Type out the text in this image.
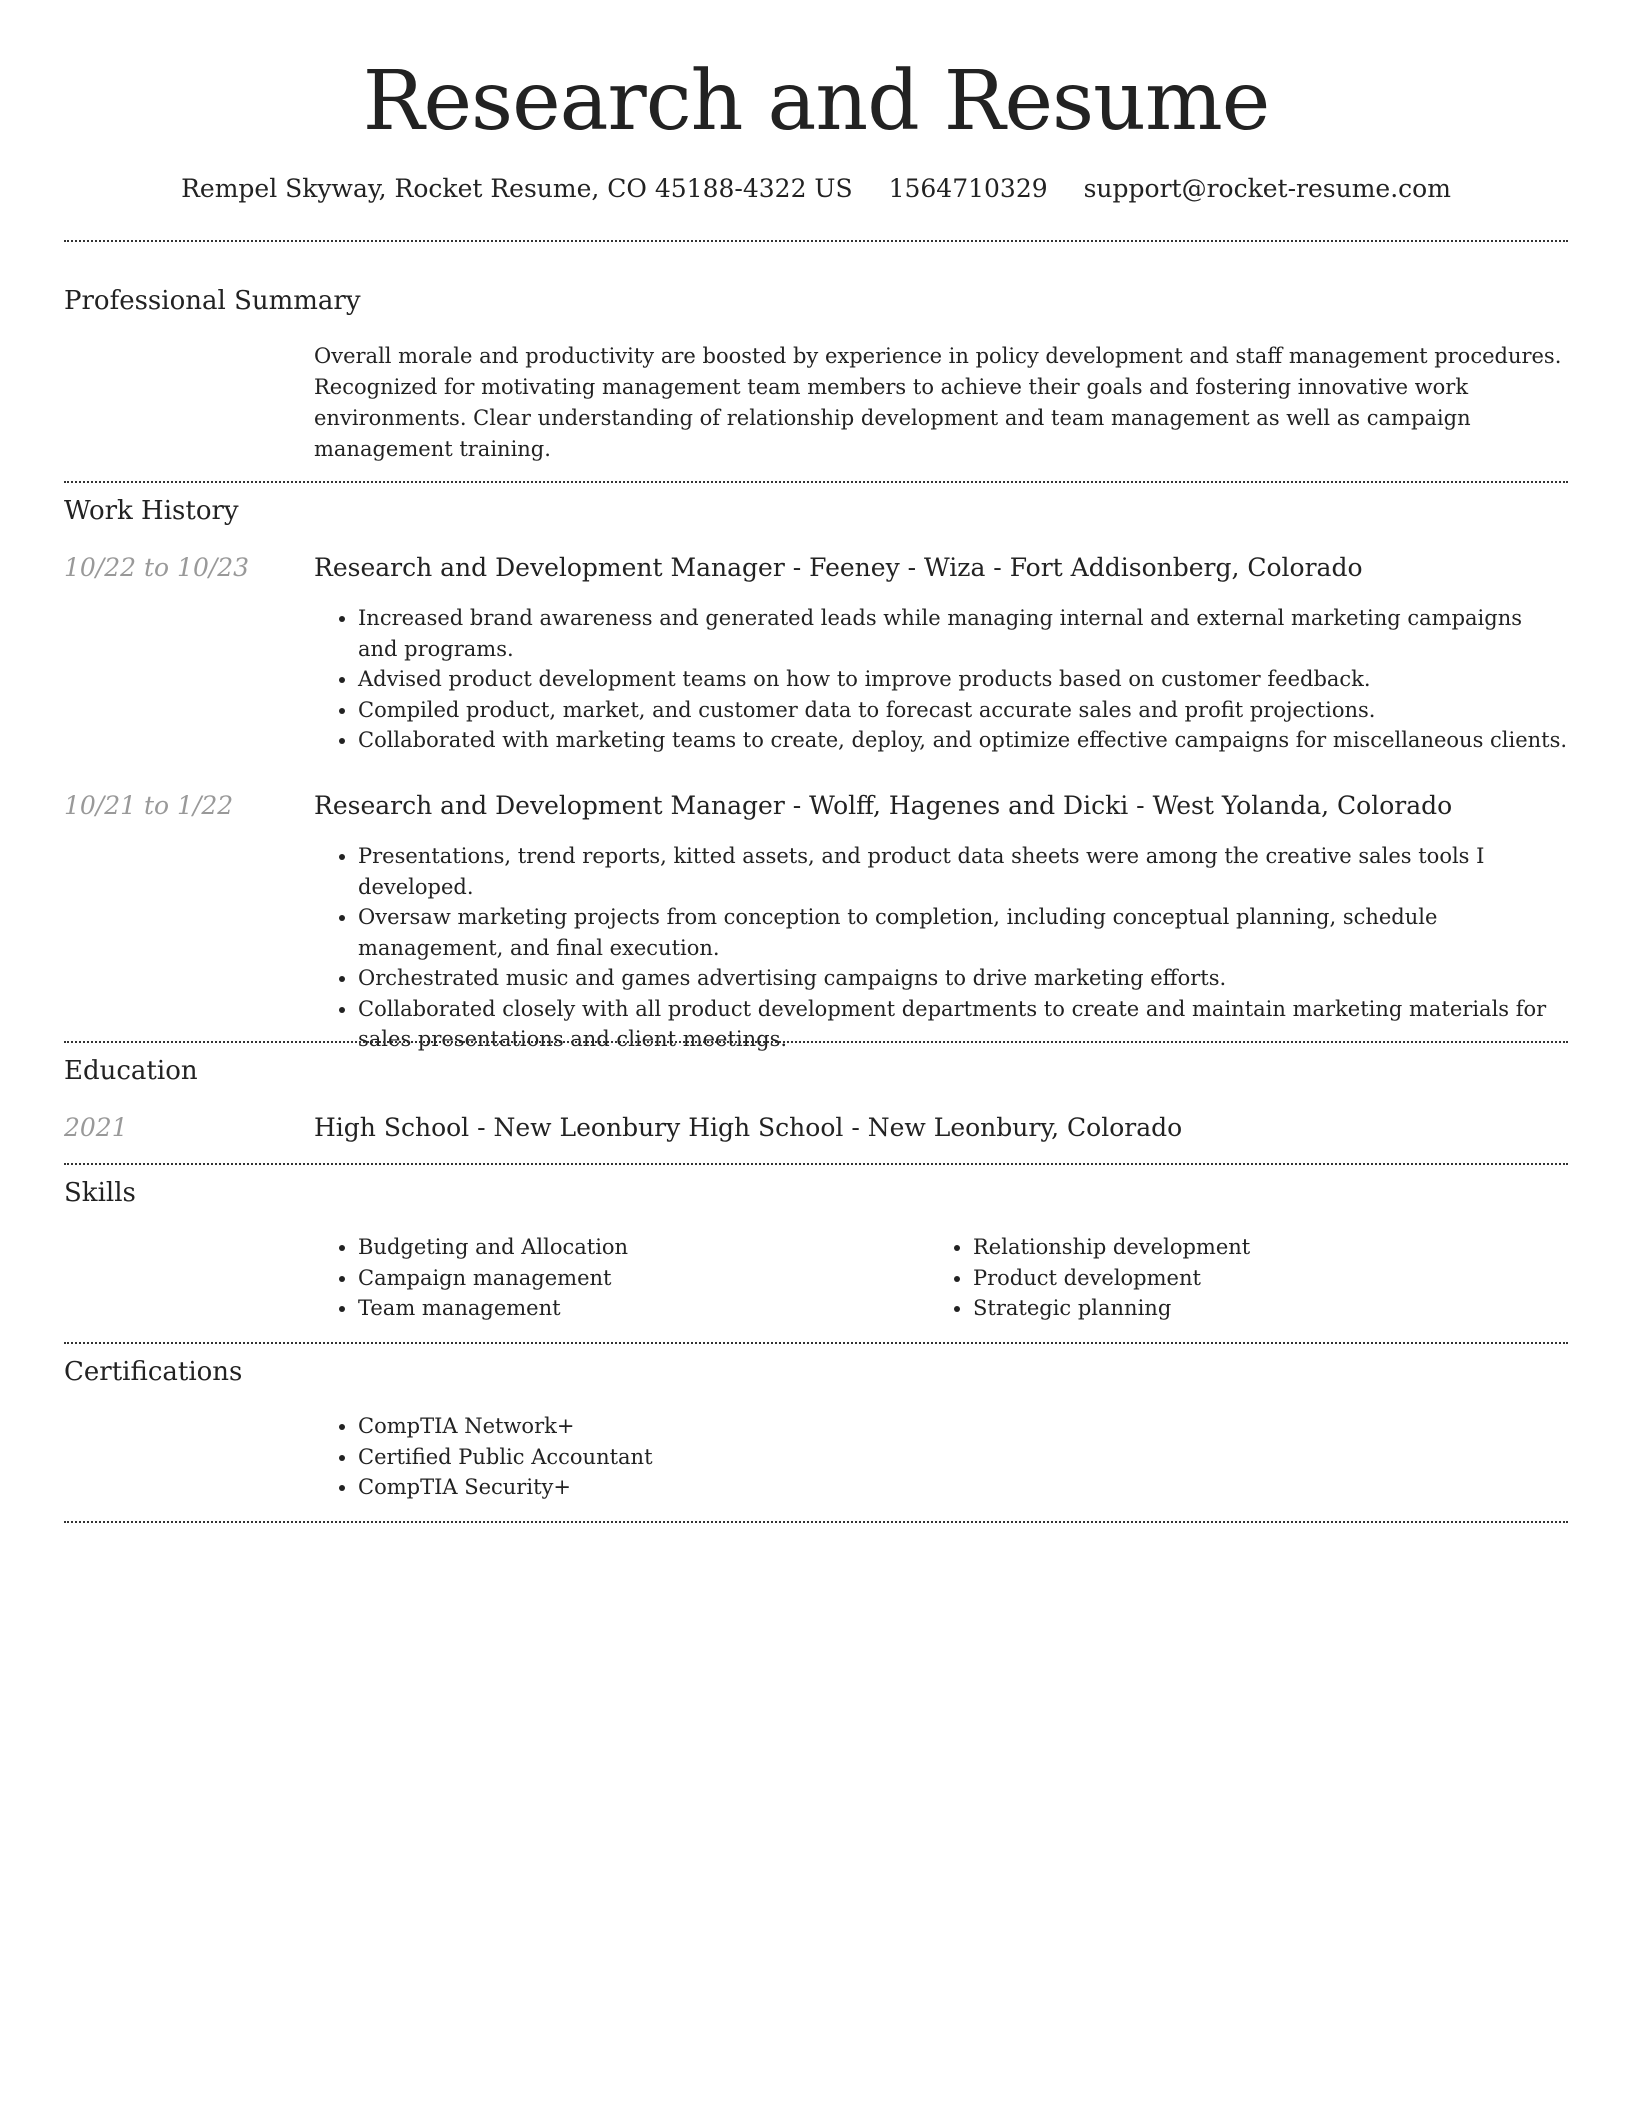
Research and Resume
Rempel Skyway, Rocket Resume, CO 45188-4322 US 1564710329 support@rocket-resume.com
Professional Summary
Overall morale and productivity are boosted by experience in policy development and staff management procedures. Recognized for motivating management team members to achieve their goals and fostering innovative work environments. Clear understanding of relationship development and team management as well as campaign management training.
Work History
10/22 to 10/23	Research and Development Manager - Feeney - Wiza - Fort Addisonberg, Colorado
• Increased brand awareness and generated leads while managing internal and external marketing campaigns and programs.
• Advised product development teams on how to improve products based on customer feedback.
• Compiled product, market, and customer data to forecast accurate sales and profit projections.
• Collaborated with marketing teams to create, deploy, and optimize effective campaigns for miscellaneous clients.
10/21 to 1/22	Research and Development Manager - Wolff, Hagenes and Dicki - West Yolanda, Colorado
• Presentations, trend reports, kitted assets, and product data sheets were among the creative sales tools I developed.
• Oversaw marketing projects from conception to completion, including conceptual planning, schedule management, and final execution.
• Orchestrated music and games advertising campaigns to drive marketing efforts.
• Collaborated closely with all product development departments to create and maintain marketing materials for sales presentations and client meetings.
Education
2021	High School - New Leonbury High School - New Leonbury, Colorado
Skills
• Budgeting and Allocation
• Campaign management
• Team management
• Relationship development
• Product development
• Strategic planning
Certifications
• CompTIA Network+
• Certified Public Accountant
• CompTIA Security+
